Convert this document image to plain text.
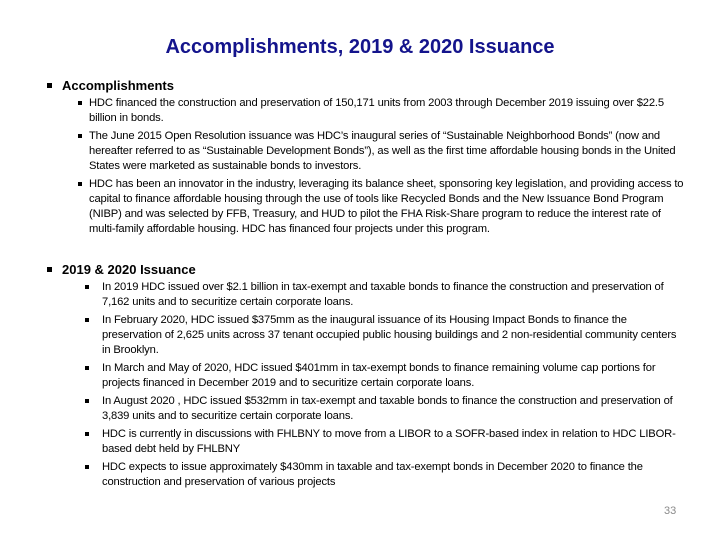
Accomplishments, 2019 & 2020 Issuance
Accomplishments
HDC financed the construction and preservation of 150,171 units from 2003 through December 2019 issuing over $22.5 billion in bonds.
The June 2015 Open Resolution issuance was HDC’s inaugural series of “Sustainable Neighborhood Bonds” (now and hereafter referred to as “Sustainable Development Bonds”), as well as the first time affordable housing bonds in the United States were marketed as sustainable bonds to investors.
HDC has been an innovator in the industry, leveraging its balance sheet, sponsoring key legislation, and providing access to capital to finance affordable housing through the use of tools like Recycled Bonds and the New Issuance Bond Program (NIBP) and was selected by FFB, Treasury, and HUD to pilot the FHA Risk-Share program to reduce the interest rate of multi-family affordable housing. HDC has financed four projects under this program.
2019 & 2020 Issuance
In 2019 HDC issued over $2.1 billion in tax-exempt and taxable bonds to finance the construction and preservation of 7,162 units and to securitize certain corporate loans.
In February 2020, HDC issued $375mm as the inaugural issuance of its Housing Impact Bonds to finance the preservation of 2,625 units across 37 tenant occupied public housing buildings and 2 non-residential community centers in Brooklyn.
In March and May of 2020, HDC issued $401mm in tax-exempt bonds to finance remaining volume cap portions for projects financed in December 2019 and to securitize certain corporate loans.
In August 2020 , HDC issued $532mm in tax-exempt and taxable bonds to finance the construction and preservation of 3,839 units and to securitize certain corporate loans.
HDC is currently in discussions with FHLBNY to move from a LIBOR to a SOFR-based index in relation to HDC LIBOR-based debt held by FHLBNY
HDC expects to issue approximately $430mm in taxable and tax-exempt bonds in December 2020 to finance the construction and preservation of various projects
33
